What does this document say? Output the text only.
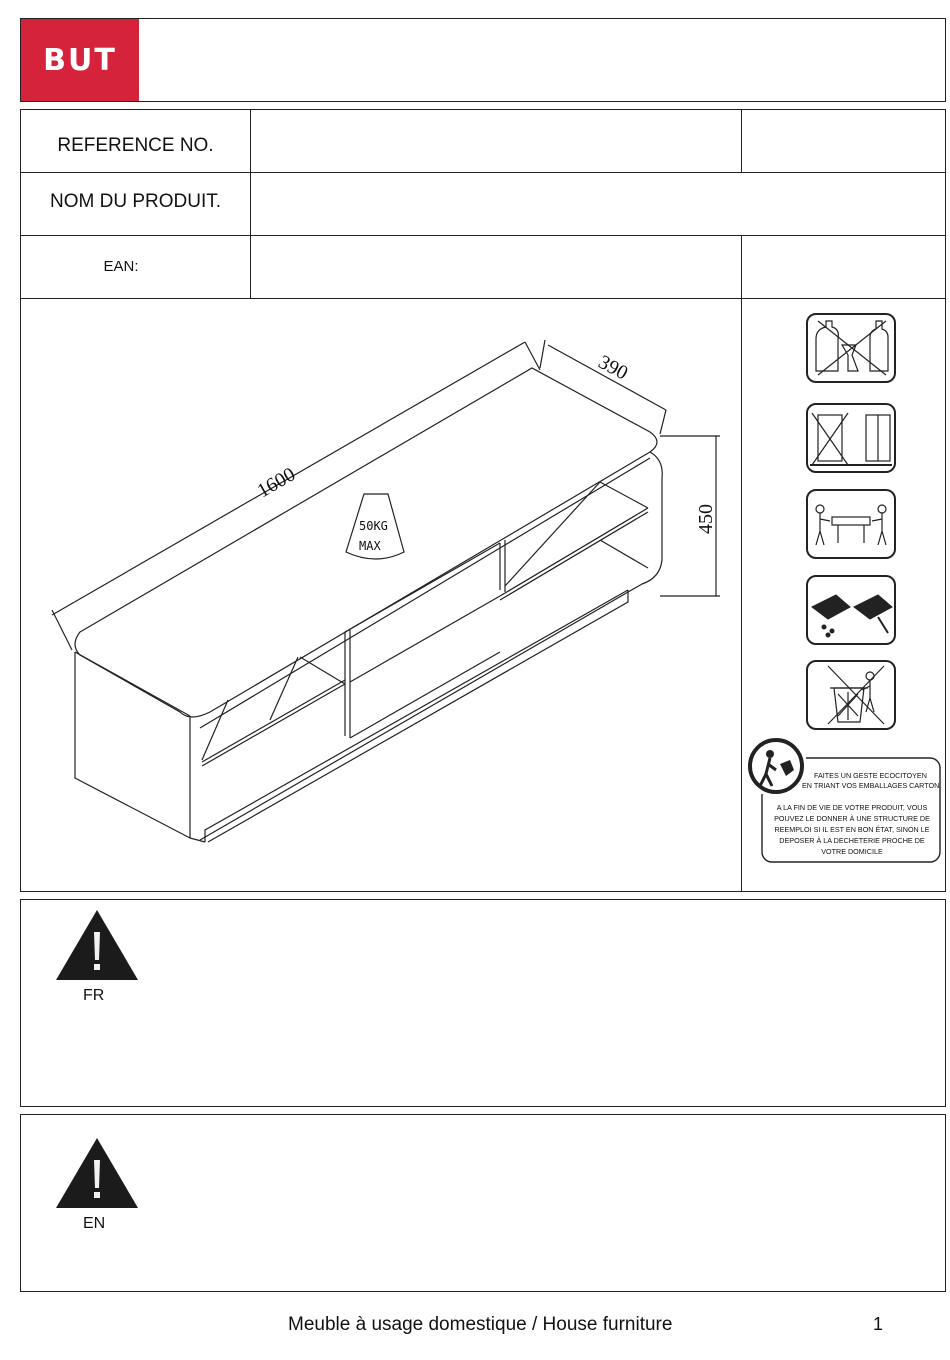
BUT
REFERENCE NO.
NOM DU PRODUIT.
EAN:
1600
390
450
50KG
MAX
FAITES UN GESTE ECOCITOYEN
EN TRIANT VOS EMBALLAGES CARTON
A LA FIN DE VIE DE VOTRE PRODUIT, VOUS
POUVEZ LE DONNER À UNE STRUCTURE DE
REEMPLOI SI IL EST EN BON ÉTAT, SINON LE
DEPOSER À LA DECHETERIE PROCHE DE
VOTRE DOMICILE
FR
EN
Meuble à usage domestique / House furniture	1
